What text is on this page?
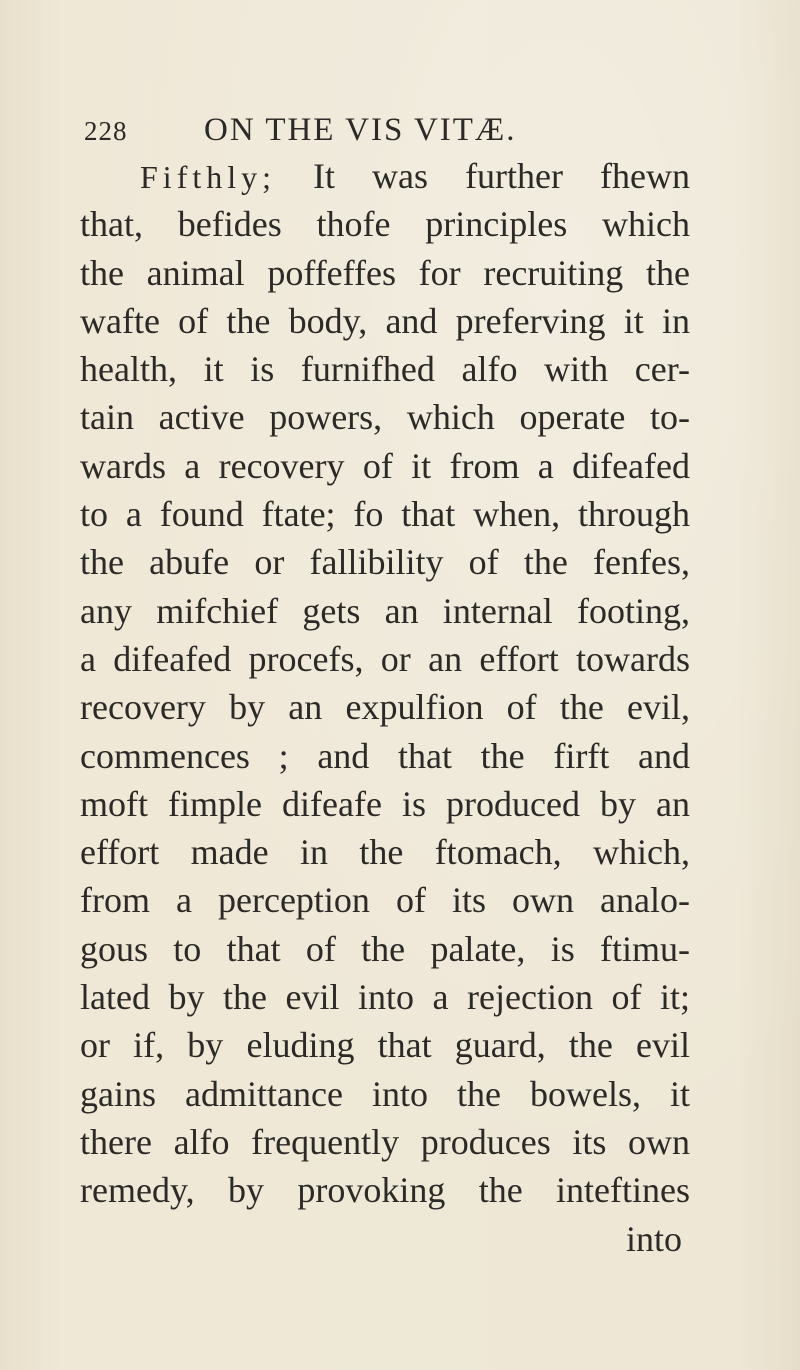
228 ON THE VIS VITÆ.
Fifthly; It was further fhewn
that, befides thofe principles which
the animal poffeffes for recruiting the
wafte of the body, and preferving it in
health, it is furnifhed alfo with cer-
tain active powers, which operate to-
wards a recovery of it from a difeafed
to a found ftate; fo that when, through
the abufe or fallibility of the fenfes,
any mifchief gets an internal footing,
a difeafed procefs, or an effort towards
recovery by an expulfion of the evil,
commences ; and that the firft and
moft fimple difeafe is produced by an
effort made in the ftomach, which,
from a perception of its own analo-
gous to that of the palate, is ftimu-
lated by the evil into a rejection of it;
or if, by eluding that guard, the evil
gains admittance into the bowels, it
there alfo frequently produces its own
remedy, by provoking the inteftines
into
